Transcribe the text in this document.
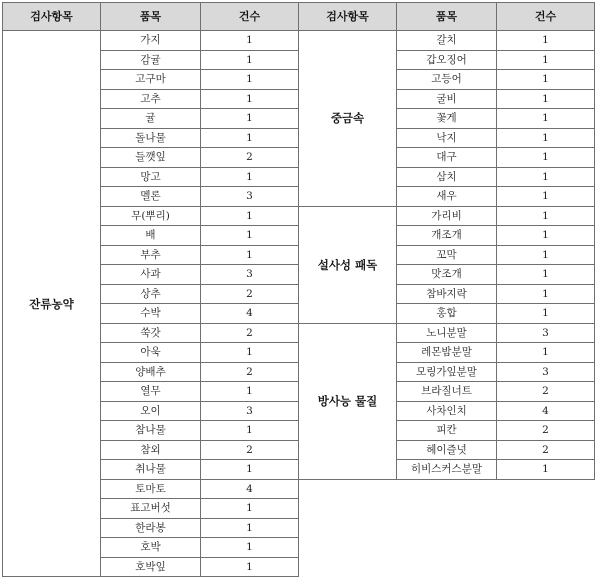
검사항목	품목	건수	검사항목	품목	건수
잔류농약	가지	1	중금속	갈치	1
	감귤	1		갑오징어	1
	고구마	1		고등어	1
	고추	1		굴비	1
	귤	1		꽃게	1
	돌나물	1		낙지	1
	들깻잎	2		대구	1
	망고	1		삼치	1
	멜론	3		새우	1
	무(뿌리)	1	설사성 패독	가리비	1
	배	1		개조개	1
	부추	1		꼬막	1
	사과	3		맛조개	1
	상추	2		참바지락	1
	수박	4		홍합	1
	쑥갓	2	방사능 물질	노니분말	3
	아욱	1		레몬밤분말	1
	양배추	2		모링가잎분말	3
	열무	1		브라질너트	2
	오이	3		사차인치	4
	참나물	1		피칸	2
	참외	2		헤이즐넛	2
	취나물	1		히비스커스분말	1
	토마토	4			
	표고버섯	1			
	한라봉	1			
	호박	1			
	호박잎	1			
